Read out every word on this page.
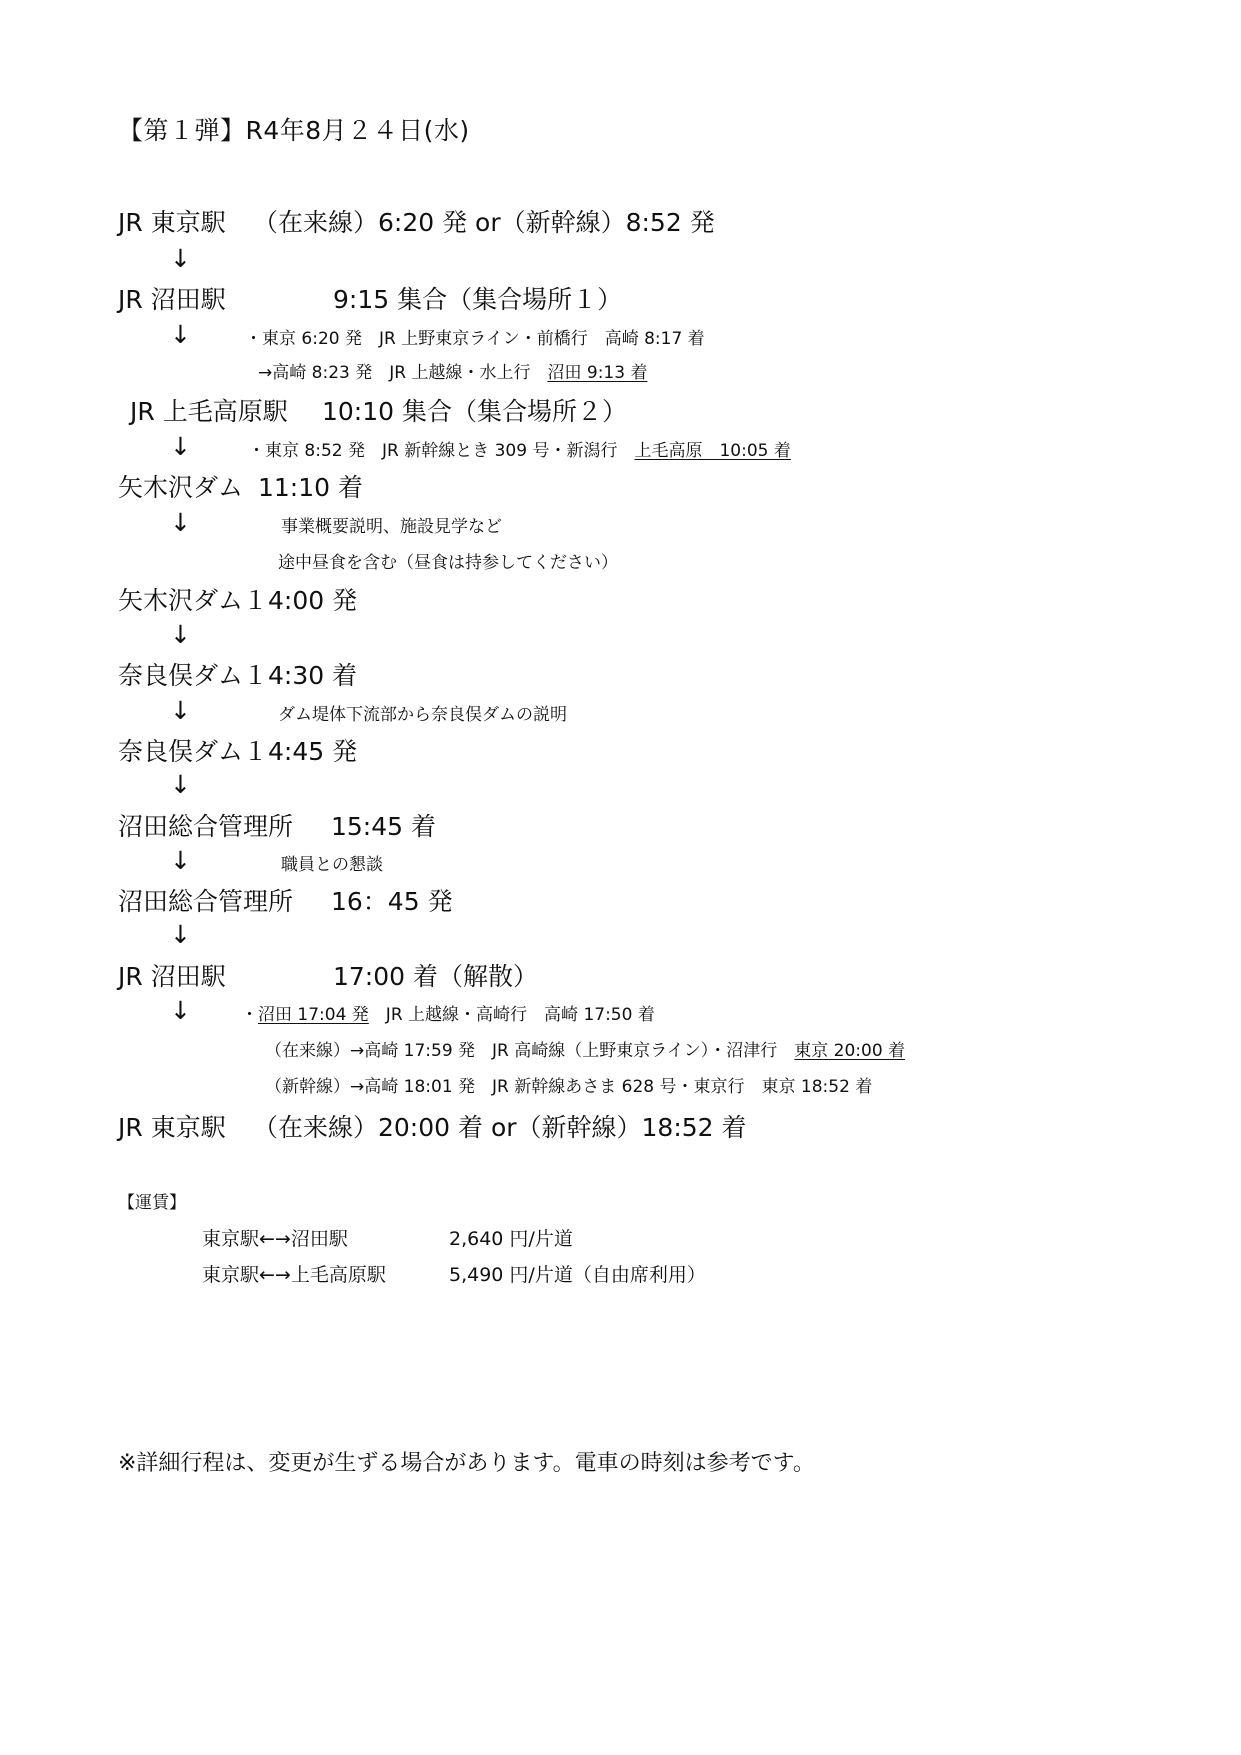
【第１弾】R4年8月２４日(水)
JR 東京駅 （在来線）6:20 発 or（新幹線）8:52 発
↓
JR 沼田駅	9:15 集合（集合場所１）
↓	・東京 6:20 発　JR 上野東京ライン・前橋行　高崎 8:17 着
→高崎 8:23 発　JR 上越線・水上行　沼田 9:13 着
JR 上毛高原駅 10:10 集合（集合場所２）
↓	・東京 8:52 発　JR 新幹線とき 309 号・新潟行　上毛高原　10:05 着
矢木沢ダム 11:10 着
↓	事業概要説明、施設見学など
途中昼食を含む（昼食は持参してください）
矢木沢ダム１4:00 発
↓
奈良俣ダム１4:30 着
↓	ダム堤体下流部から奈良俣ダムの説明
奈良俣ダム１4:45 発
↓
沼田総合管理所 15:45 着
↓	職員との懇談
沼田総合管理所 16：45 発
↓
JR 沼田駅	17:00 着（解散）
↓	・沼田 17:04 発　JR 上越線・高崎行　高崎 17:50 着
（在来線）→高崎 17:59 発　JR 高崎線（上野東京ライン）・沼津行　東京 20:00 着
（新幹線）→高崎 18:01 発　JR 新幹線あさま 628 号・東京行　東京 18:52 着
JR 東京駅 （在来線）20:00 着 or（新幹線）18:52 着
【運賃】
東京駅←→沼田駅	2,640 円/片道
東京駅←→上毛高原駅	5,490 円/片道（自由席利用）
※詳細行程は、変更が生ずる場合があります。電車の時刻は参考です。
